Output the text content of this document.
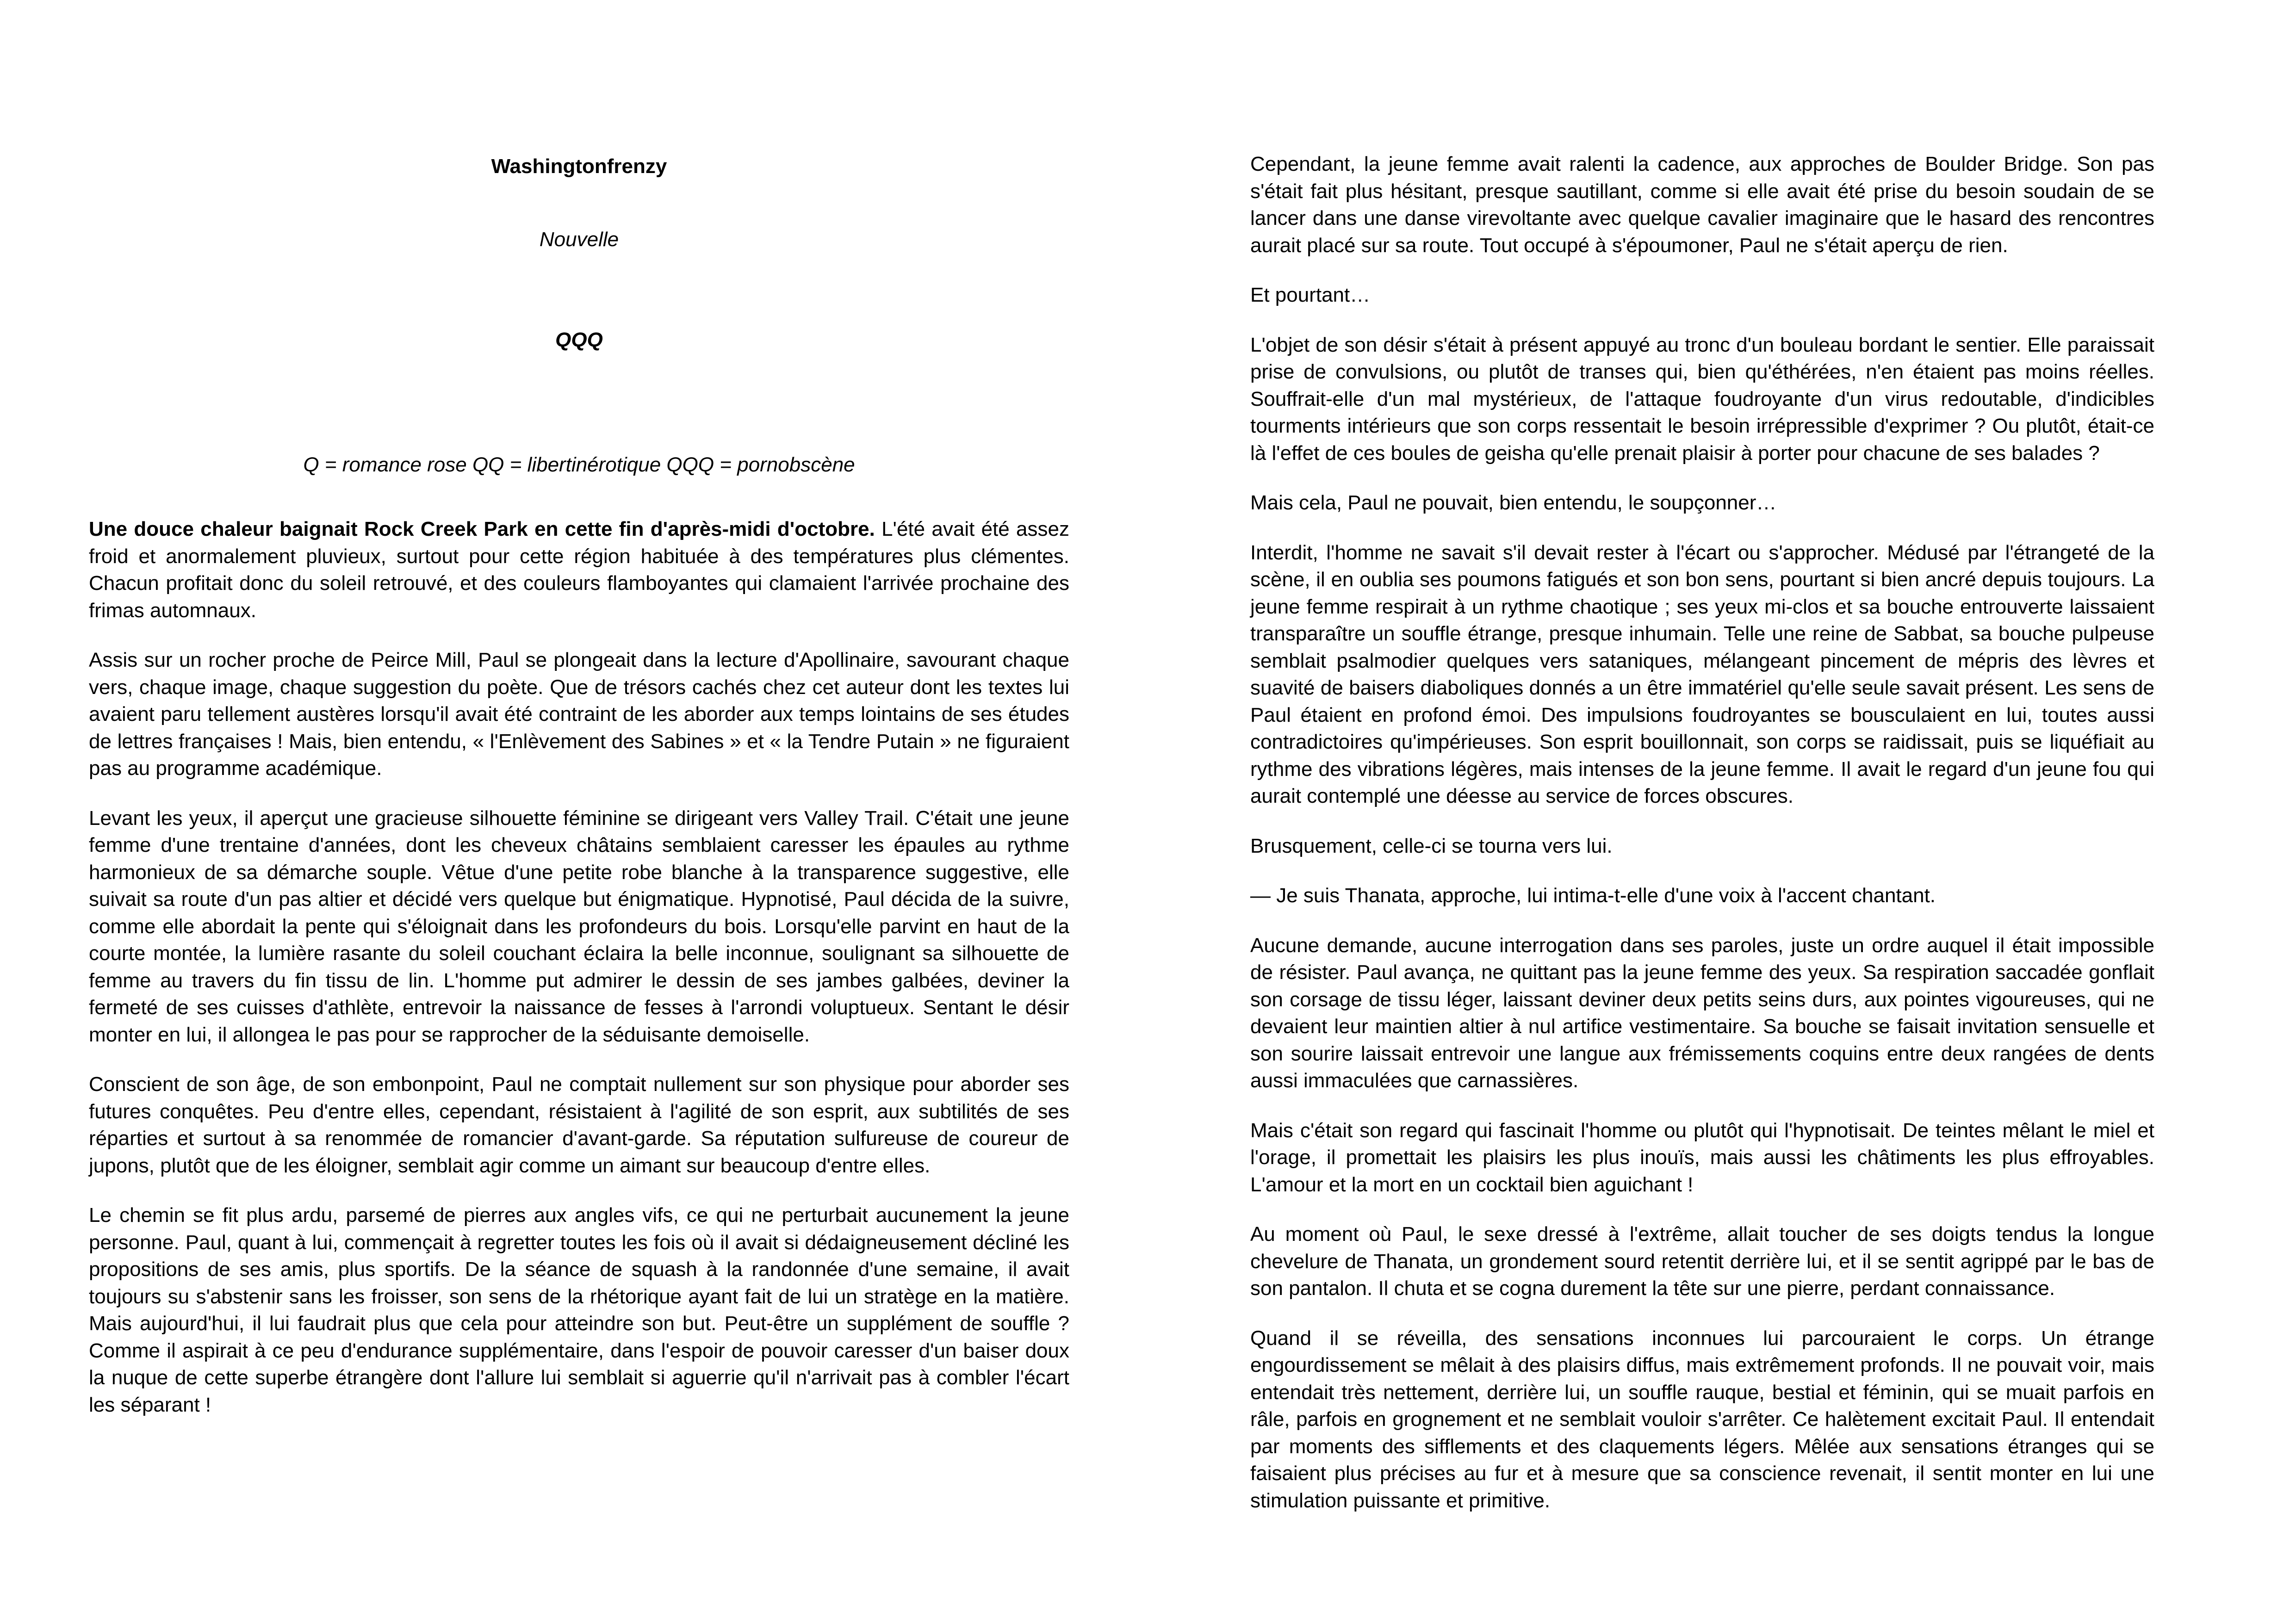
Washingtonfrenzy
Nouvelle
QQQ
Q = romance rose QQ = libertinérotique QQQ = pornobscène

Une douce chaleur baignait Rock Creek Park en cette fin d'après-midi d'octobre. L'été avait été assez froid et anormalement pluvieux, surtout pour cette région habituée à des températures plus clémentes. Chacun profitait donc du soleil retrouvé, et des couleurs flamboyantes qui clamaient l'arrivée prochaine des frimas automnaux.

Assis sur un rocher proche de Peirce Mill, Paul se plongeait dans la lecture d'Apollinaire, savourant chaque vers, chaque image, chaque suggestion du poète. Que de trésors cachés chez cet auteur dont les textes lui avaient paru tellement austères lorsqu'il avait été contraint de les aborder aux temps lointains de ses études de lettres françaises ! Mais, bien entendu, « l'Enlèvement des Sabines » et « la Tendre Putain » ne figuraient pas au programme académique.

Levant les yeux, il aperçut une gracieuse silhouette féminine se dirigeant vers Valley Trail. C'était une jeune femme d'une trentaine d'années, dont les cheveux châtains semblaient caresser les épaules au rythme harmonieux de sa démarche souple. Vêtue d'une petite robe blanche à la transparence suggestive, elle suivait sa route d'un pas altier et décidé vers quelque but énigmatique. Hypnotisé, Paul décida de la suivre, comme elle abordait la pente qui s'éloignait dans les profondeurs du bois. Lorsqu'elle parvint en haut de la courte montée, la lumière rasante du soleil couchant éclaira la belle inconnue, soulignant sa silhouette de femme au travers du fin tissu de lin. L'homme put admirer le dessin de ses jambes galbées, deviner la fermeté de ses cuisses d'athlète, entrevoir la naissance de fesses à l'arrondi voluptueux. Sentant le désir monter en lui, il allongea le pas pour se rapprocher de la séduisante demoiselle.

Conscient de son âge, de son embonpoint, Paul ne comptait nullement sur son physique pour aborder ses futures conquêtes. Peu d'entre elles, cependant, résistaient à l'agilité de son esprit, aux subtilités de ses réparties et surtout à sa renommée de romancier d'avant-garde. Sa réputation sulfureuse de coureur de jupons, plutôt que de les éloigner, semblait agir comme un aimant sur beaucoup d'entre elles.

Le chemin se fit plus ardu, parsemé de pierres aux angles vifs, ce qui ne perturbait aucunement la jeune personne. Paul, quant à lui, commençait à regretter toutes les fois où il avait si dédaigneusement décliné les propositions de ses amis, plus sportifs. De la séance de squash à la randonnée d'une semaine, il avait toujours su s'abstenir sans les froisser, son sens de la rhétorique ayant fait de lui un stratège en la matière. Mais aujourd'hui, il lui faudrait plus que cela pour atteindre son but. Peut-être un supplément de souffle ? Comme il aspirait à ce peu d'endurance supplémentaire, dans l'espoir de pouvoir caresser d'un baiser doux la nuque de cette superbe étrangère dont l'allure lui semblait si aguerrie qu'il n'arrivait pas à combler l'écart les séparant !

Cependant, la jeune femme avait ralenti la cadence, aux approches de Boulder Bridge. Son pas s'était fait plus hésitant, presque sautillant, comme si elle avait été prise du besoin soudain de se lancer dans une danse virevoltante avec quelque cavalier imaginaire que le hasard des rencontres aurait placé sur sa route. Tout occupé à s'époumoner, Paul ne s'était aperçu de rien.

Et pourtant…

L'objet de son désir s'était à présent appuyé au tronc d'un bouleau bordant le sentier. Elle paraissait prise de convulsions, ou plutôt de transes qui, bien qu'éthérées, n'en étaient pas moins réelles. Souffrait-elle d'un mal mystérieux, de l'attaque foudroyante d'un virus redoutable, d'indicibles tourments intérieurs que son corps ressentait le besoin irrépressible d'exprimer ? Ou plutôt, était-ce là l'effet de ces boules de geisha qu'elle prenait plaisir à porter pour chacune de ses balades ?

Mais cela, Paul ne pouvait, bien entendu, le soupçonner…

Interdit, l'homme ne savait s'il devait rester à l'écart ou s'approcher. Médusé par l'étrangeté de la scène, il en oublia ses poumons fatigués et son bon sens, pourtant si bien ancré depuis toujours. La jeune femme respirait à un rythme chaotique ; ses yeux mi-clos et sa bouche entrouverte laissaient transparaître un souffle étrange, presque inhumain. Telle une reine de Sabbat, sa bouche pulpeuse semblait psalmodier quelques vers sataniques, mélangeant pincement de mépris des lèvres et suavité de baisers diaboliques donnés a un être immatériel qu'elle seule savait présent. Les sens de Paul étaient en profond émoi. Des impulsions foudroyantes se bousculaient en lui, toutes aussi contradictoires qu'impérieuses. Son esprit bouillonnait, son corps se raidissait, puis se liquéfiait au rythme des vibrations légères, mais intenses de la jeune femme. Il avait le regard d'un jeune fou qui aurait contemplé une déesse au service de forces obscures.

Brusquement, celle-ci se tourna vers lui.

— Je suis Thanata, approche, lui intima-t-elle d'une voix à l'accent chantant.

Aucune demande, aucune interrogation dans ses paroles, juste un ordre auquel il était impossible de résister. Paul avança, ne quittant pas la jeune femme des yeux. Sa respiration saccadée gonflait son corsage de tissu léger, laissant deviner deux petits seins durs, aux pointes vigoureuses, qui ne devaient leur maintien altier à nul artifice vestimentaire. Sa bouche se faisait invitation sensuelle et son sourire laissait entrevoir une langue aux frémissements coquins entre deux rangées de dents aussi immaculées que carnassières.

Mais c'était son regard qui fascinait l'homme ou plutôt qui l'hypnotisait. De teintes mêlant le miel et l'orage, il promettait les plaisirs les plus inouïs, mais aussi les châtiments les plus effroyables. L'amour et la mort en un cocktail bien aguichant !

Au moment où Paul, le sexe dressé à l'extrême, allait toucher de ses doigts tendus la longue chevelure de Thanata, un grondement sourd retentit derrière lui, et il se sentit agrippé par le bas de son pantalon. Il chuta et se cogna durement la tête sur une pierre, perdant connaissance.

Quand il se réveilla, des sensations inconnues lui parcouraient le corps. Un étrange engourdissement se mêlait à des plaisirs diffus, mais extrêmement profonds. Il ne pouvait voir, mais entendait très nettement, derrière lui, un souffle rauque, bestial et féminin, qui se muait parfois en râle, parfois en grognement et ne semblait vouloir s'arrêter. Ce halètement excitait Paul. Il entendait par moments des sifflements et des claquements légers. Mêlée aux sensations étranges qui se faisaient plus précises au fur et à mesure que sa conscience revenait, il sentit monter en lui une stimulation puissante et primitive.
